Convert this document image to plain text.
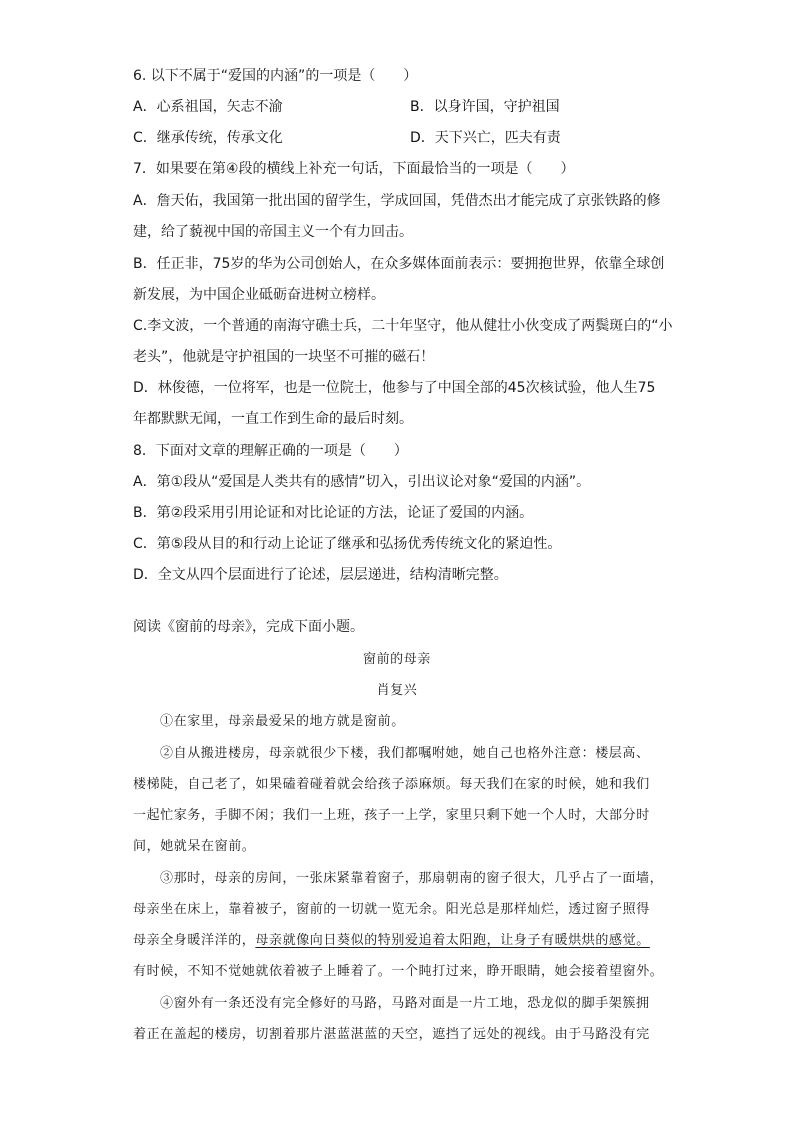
6. 以下不属于“爱国的内涵”的一项是（　　）
A．心系祖国，矢志不渝	B．以身许国，守护祖国
C．继承传统，传承文化	D．天下兴亡，匹夫有责
7．如果要在第④段的横线上补充一句话，下面最恰当的一项是（　　）
A．詹天佑，我国第一批出国的留学生，学成回国，凭借杰出才能完成了京张铁路的修
建，给了藐视中国的帝国主义一个有力回击。
B．任正非，75岁的华为公司创始人，在众多媒体面前表示：要拥抱世界，依靠全球创
新发展，为中国企业砥砺奋进树立榜样。
C.李文波，一个普通的南海守礁士兵，二十年坚守，他从健壮小伙变成了两鬓斑白的“小
老头”，他就是守护祖国的一块坚不可摧的磁石！
D．林俊德，一位将军，也是一位院士，他参与了中国全部的45次核试验，他人生75
年都默默无闻，一直工作到生命的最后时刻。
8．下面对文章的理解正确的一项是（　　）
A．第①段从“爱国是人类共有的感情”切入，引出议论对象“爱国的内涵”。
B．第②段采用引用论证和对比论证的方法，论证了爱国的内涵。
C．第⑤段从目的和行动上论证了继承和弘扬优秀传统文化的紧迫性。
D．全文从四个层面进行了论述，层层递进，结构清晰完整。
阅读《窗前的母亲》，完成下面小题。
窗前的母亲
肖复兴
①在家里，母亲最爱呆的地方就是窗前。
②自从搬进楼房，母亲就很少下楼，我们都嘱咐她，她自己也格外注意：楼层高、
楼梯陡，自己老了，如果磕着碰着就会给孩子添麻烦。每天我们在家的时候，她和我们
一起忙家务，手脚不闲；我们一上班，孩子一上学，家里只剩下她一个人时，大部分时
间，她就呆在窗前。
③那时，母亲的房间，一张床紧靠着窗子，那扇朝南的窗子很大，几乎占了一面墙，
母亲坐在床上，靠着被子，窗前的一切就一览无余。阳光总是那样灿烂，透过窗子照得
母亲全身暖洋洋的，母亲就像向日葵似的特别爱追着太阳跑，让身子有暖烘烘的感觉。
有时候，不知不觉她就依着被子上睡着了。一个盹打过来，睁开眼睛，她会接着望窗外。
④窗外有一条还没有完全修好的马路，马路对面是一片工地，恐龙似的脚手架簇拥
着正在盖起的楼房，切割着那片湛蓝湛蓝的天空，遮挡了远处的视线。由于马路没有完
